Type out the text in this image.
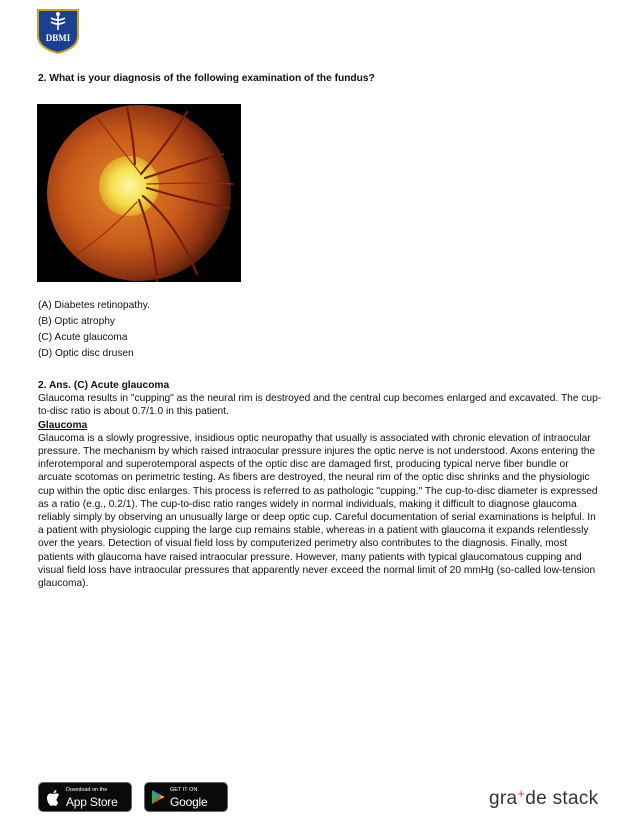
DBMI
2. What is your diagnosis of the following examination of the fundus?
(A) Diabetes retinopathy.
(B) Optic atrophy
(C) Acute glaucoma
(D) Optic disc drusen
2. Ans. (C) Acute glaucoma

Glaucoma results in "cupping" as the neural rim is destroyed and the central cup becomes enlarged and excavated. The cup-to-disc ratio is about 0.7/1.0 in this patient.

Glaucoma

Glaucoma is a slowly progressive, insidious optic neuropathy that usually is associated with chronic elevation of intraocular pressure. The mechanism by which raised intraocular pressure injures the optic nerve is not understood. Axons entering the inferotemporal and superotemporal aspects of the optic disc are damaged first, producing typical nerve fiber bundle or arcuate scotomas on perimetric testing. As fibers are destroyed, the neural rim of the optic disc shrinks and the physiologic cup within the optic disc enlarges. This process is referred to as pathologic "cupping." The cup-to-disc diameter is expressed as a ratio (e.g., 0.2/1). The cup-to-disc ratio ranges widely in normal individuals, making it difficult to diagnose glaucoma reliably simply by observing an unusually large or deep optic cup. Careful documentation of serial examinations is helpful. In a patient with physiologic cupping the large cup remains stable, whereas in a patient with glaucoma it expands relentlessly over the years. Detection of visual field loss by computerized perimetry also contributes to the diagnosis. Finally, most patients with glaucoma have raised intraocular pressure. However, many patients with typical glaucomatous cupping and visual field loss have intraocular pressures that apparently never exceed the normal limit of 20 mmHg (so-called low-tension glaucoma).

Download on the
App Store
GET IT ON
Google play
gra+de stack
